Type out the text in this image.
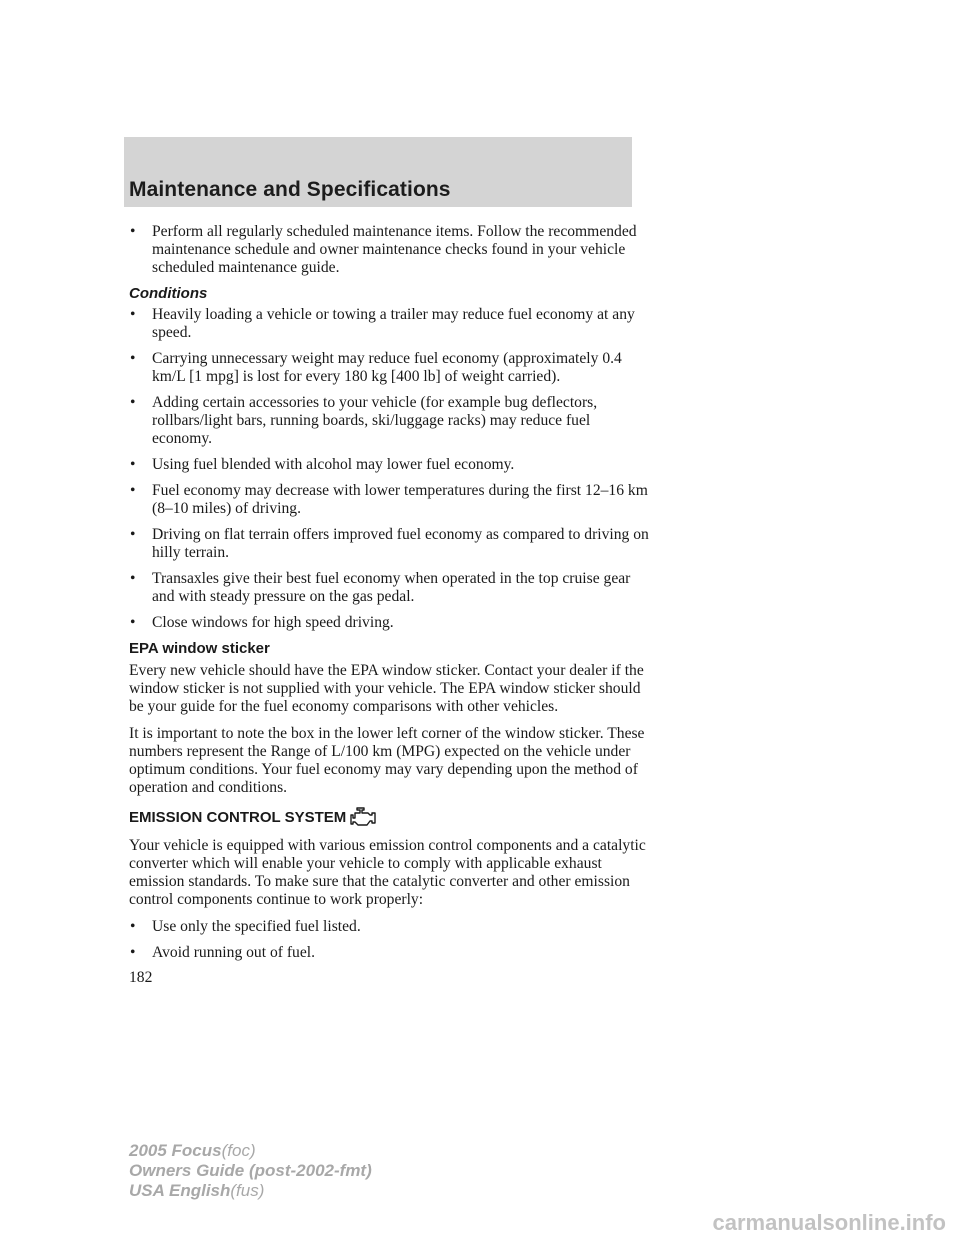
Maintenance and Specifications
• Perform all regularly scheduled maintenance items. Follow the recommended maintenance schedule and owner maintenance checks found in your vehicle scheduled maintenance guide.
Conditions
• Heavily loading a vehicle or towing a trailer may reduce fuel economy at any speed.
• Carrying unnecessary weight may reduce fuel economy (approximately 0.4 km/L [1 mpg] is lost for every 180 kg [400 lb] of weight carried).
• Adding certain accessories to your vehicle (for example bug deflectors, rollbars/light bars, running boards, ski/luggage racks) may reduce fuel economy.
• Using fuel blended with alcohol may lower fuel economy.
• Fuel economy may decrease with lower temperatures during the first 12–16 km (8–10 miles) of driving.
• Driving on flat terrain offers improved fuel economy as compared to driving on hilly terrain.
• Transaxles give their best fuel economy when operated in the top cruise gear and with steady pressure on the gas pedal.
• Close windows for high speed driving.
EPA window sticker

Every new vehicle should have the EPA window sticker. Contact your dealer if the window sticker is not supplied with your vehicle. The EPA window sticker should be your guide for the fuel economy comparisons with other vehicles.

It is important to note the box in the lower left corner of the window sticker. These numbers represent the Range of L/100 km (MPG) expected on the vehicle under optimum conditions. Your fuel economy may vary depending upon the method of operation and conditions.

EMISSION CONTROL SYSTEM

Your vehicle is equipped with various emission control components and a catalytic converter which will enable your vehicle to comply with applicable exhaust emission standards. To make sure that the catalytic converter and other emission control components continue to work properly:

• Use only the specified fuel listed.
• Avoid running out of fuel.

182

2005 Focus(foc)
Owners Guide (post-2002-fmt)
USA English(fus)
carmanualsonline.info
